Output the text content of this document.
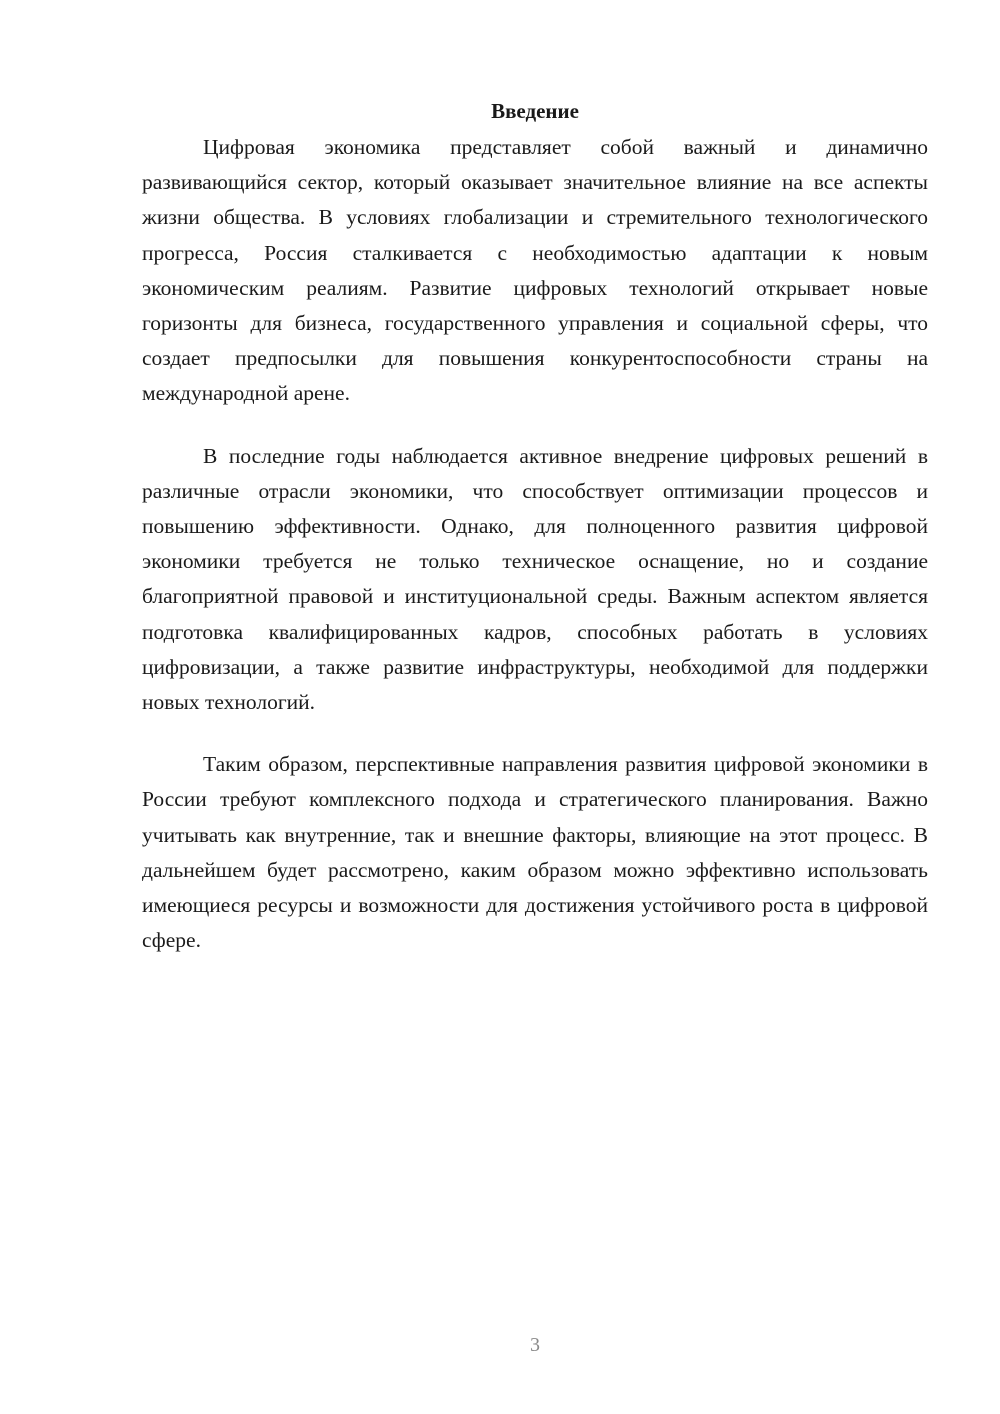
Введение

Цифровая экономика представляет собой важный и динамично развивающийся сектор, который оказывает значительное влияние на все аспекты жизни общества. В условиях глобализации и стремительного технологического прогресса, Россия сталкивается с необходимостью адаптации к новым экономическим реалиям. Развитие цифровых технологий открывает новые горизонты для бизнеса, государственного управления и социальной сферы, что создает предпосылки для повышения конкурентоспособности страны на международной арене.

В последние годы наблюдается активное внедрение цифровых решений в различные отрасли экономики, что способствует оптимизации процессов и повышению эффективности. Однако, для полноценного развития цифровой экономики требуется не только техническое оснащение, но и создание благоприятной правовой и институциональной среды. Важным аспектом является подготовка квалифицированных кадров, способных работать в условиях цифровизации, а также развитие инфраструктуры, необходимой для поддержки новых технологий.

Таким образом, перспективные направления развития цифровой экономики в России требуют комплексного подхода и стратегического планирования. Важно учитывать как внутренние, так и внешние факторы, влияющие на этот процесс. В дальнейшем будет рассмотрено, каким образом можно эффективно использовать имеющиеся ресурсы и возможности для достижения устойчивого роста в цифровой сфере.

3
